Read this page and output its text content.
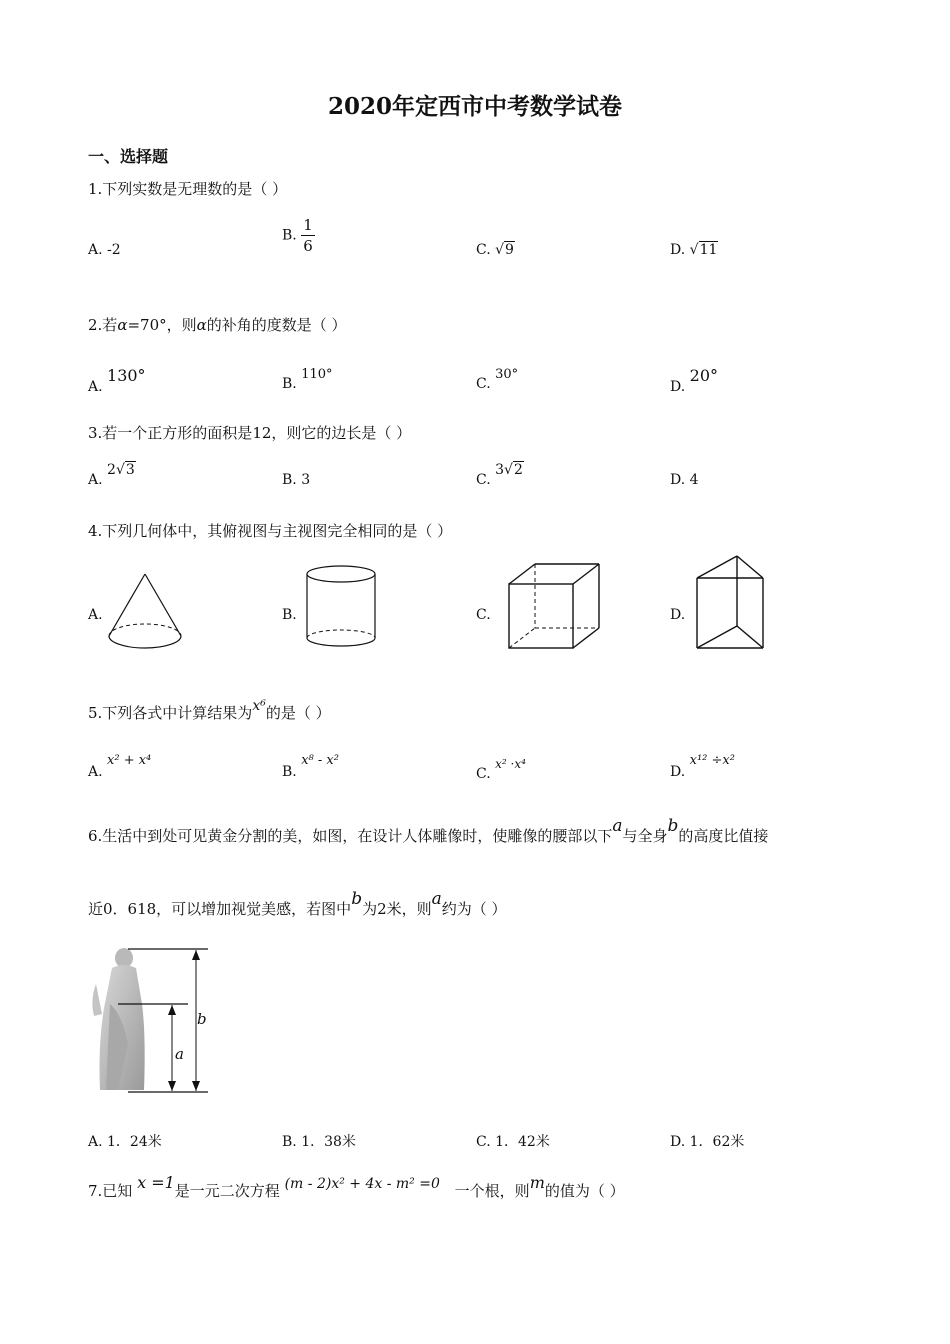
2020年定西市中考数学试卷
一、选择题
1.下列实数是无理数的是（ ）
A. -2
B. $\frac{1}{6}$	C. √9	D. √11
2.若α=70°，则α的补角的度数是（ ）
A. 130°	B. 110°
C. 30°
D. 20°
3.若一个正方形的面积是12，则它的边长是（ ）
A. 2√3
B. 3	C. 3√2
D. 4
4.下列几何体中，其俯视图与主视图完全相同的是（ ）
A.	B.	C.	D.
5.下列各式中计算结果为x⁶的是（ ）
A. x² + x⁴
B. x⁸ - x²
C. x² ·x⁴	D. x¹² ÷x²
6.生活中到处可见黄金分割的美，如图，在设计人体雕像时，使雕像的腰部以下a与全身b的高度比值接
近0．618，可以增加视觉美感，若图中b为2米，则a约为（ ）
b
a
A. 1．24米	B. 1．38米	C. 1．42米	D. 1．62米
7.已知 x =1是一元二次方程 (m - 2)x² + 4x - m² =0 一个根，则m的值为（ ）
